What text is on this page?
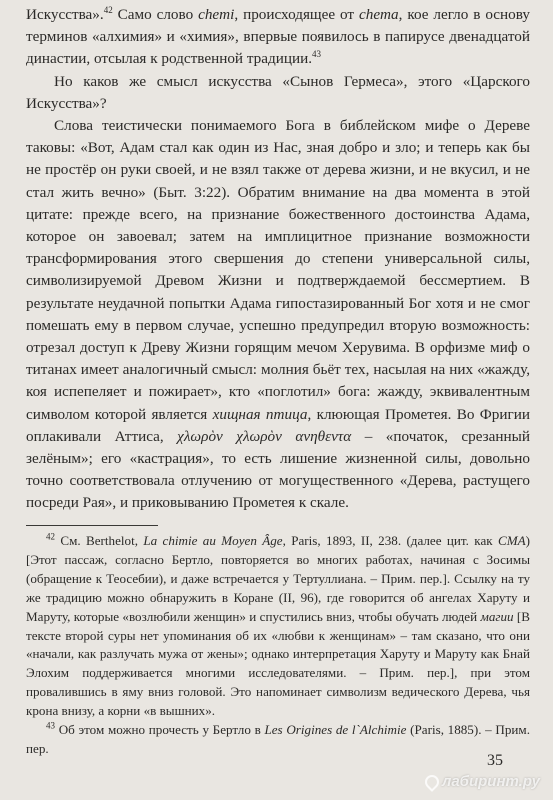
Искусства».$^{42}$ Само слово chemi, происходящее от chema, кое легло в основу терминов «алхимия» и «химия», впервые появилось в папирусе двенадцатой династии, отсылая к родственной традиции.$^{43}$

Но каков же смысл искусства «Сынов Гермеса», этого «Царского Искусства»?

Слова теистически понимаемого Бога в библейском мифе о Дереве таковы: «Вот, Адам стал как один из Нас, зная добро и зло; и теперь как бы не простёр он руки своей, и не взял также от дерева жизни, и не вкусил, и не стал жить вечно» (Быт. 3:22). Обратим внимание на два момента в этой цитате: прежде всего, на признание божественного достоинства Адама, которое он завоевал; затем на имплицитное признание возможности трансформирования этого свершения до степени универсальной силы, символизируемой Древом Жизни и подтверждаемой бессмертием. В результате неудачной попытки Адама гипостазированный Бог хотя и не смог помешать ему в первом случае, успешно предупредил вторую возможность: отрезал доступ к Древу Жизни горящим мечом Херувима. В орфизме миф о титанах имеет аналогичный смысл: молния бьёт тех, насылая на них «жажду, коя испепеляет и пожирает», кто «поглотил» бога: жажду, эквивалентным символом которой является хищная птица, клюющая Прометея. Во Фригии оплакивали Аттиса, χλωρὸν χλωρὸν ανηθεντα – «початок, срезанный зелёным»; его «кастрация», то есть лишение жизненной силы, довольно точно соответствовала отлучению от могущественного «Дерева, растущего посреди Рая», и приковыванию Прометея к скале.

$^{42}$ См. Berthelot, La chimie au Moyen Âge, Paris, 1893, II, 238. (далее цит. как CMA) [Этот пассаж, согласно Бертло, повторяется во многих работах, начиная с Зосимы (обращение к Теосебии), и даже встречается у Тертуллиана. – Прим. пер.]. Ссылку на ту же традицию можно обнаружить в Коране (II, 96), где говорится об ангелах Харуту и Маруту, которые «возлюбили женщин» и спустились вниз, чтобы обучать людей магии [В тексте второй суры нет упоминания об их «любви к женщинам» – там сказано, что они «начали, как разлучать мужа от жены»; однако интерпретация Харуту и Маруту как Бнай Элохим поддерживается многими исследователями. – Прим. пер.], при этом провалившись в яму вниз головой. Это напоминает символизм ведического Дерева, чья крона внизу, а корни «в вышних».

$^{43}$ Об этом можно прочесть у Бертло в Les Origines de l`Alchimie (Paris, 1885). – Прим. пер.

35
лабиринт.ру
